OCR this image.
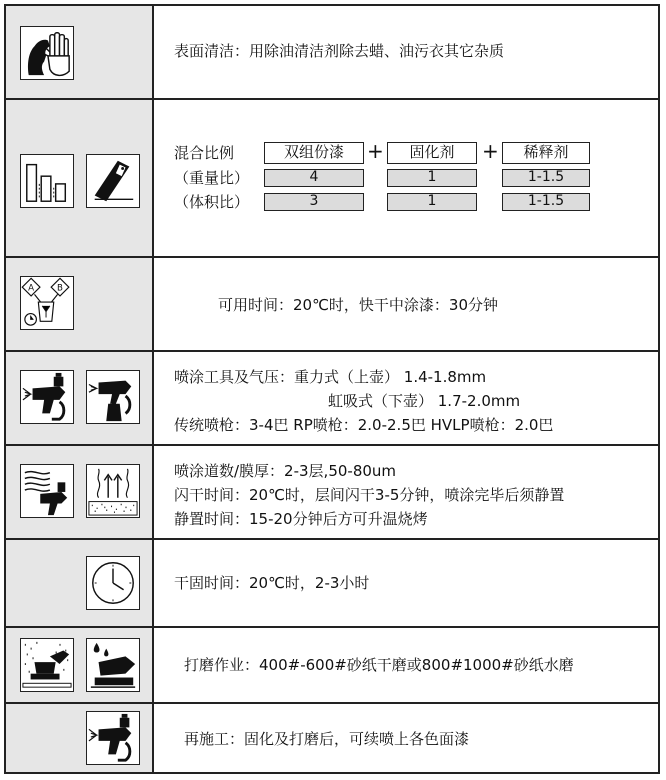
表面清洁：用除油清洁剂除去蜡、油污衣其它杂质
混合比例	双组份漆	+	固化剂	+	稀释剂
（重量比）	4	1	1-1.5
（体积比）	3	1	1-1.5
A	B
可用时间：20℃时，快干中涂漆：30分钟
喷涂工具及气压：重力式（上壶） 1.4-1.8mm
虹吸式（下壶） 1.7-2.0mm
传统喷枪：3-4巴 RP喷枪：2.0-2.5巴 HVLP喷枪：2.0巴
喷涂道数/膜厚：2-3层,50-80um
闪干时间：20℃时，层间闪干3-5分钟，喷涂完毕后须静置
静置时间：15-20分钟后方可升温烧烤
干固时间：20℃时，2-3小时
打磨作业：400#-600#砂纸干磨或800#1000#砂纸水磨
再施工：固化及打磨后，可续喷上各色面漆
